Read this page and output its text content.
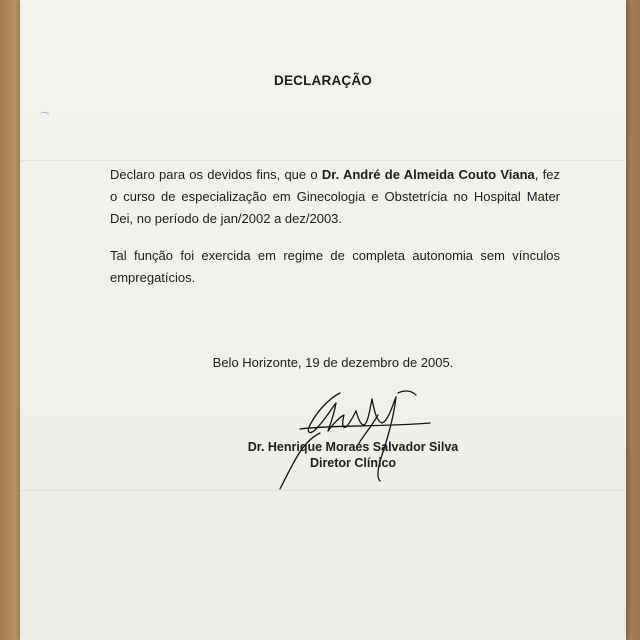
DECLARAÇÃO

Declaro para os devidos fins, que o Dr. André de Almeida Couto Viana, fez o curso de especialização em Ginecologia e Obstetrícia no Hospital Mater Dei, no período de jan/2002 a dez/2003.

Tal função foi exercida em regime de completa autonomia sem vínculos empregatícios.

Belo Horizonte, 19 de dezembro de 2005.

Dr. Henrique Moraes Salvador Silva
Diretor Clínico
